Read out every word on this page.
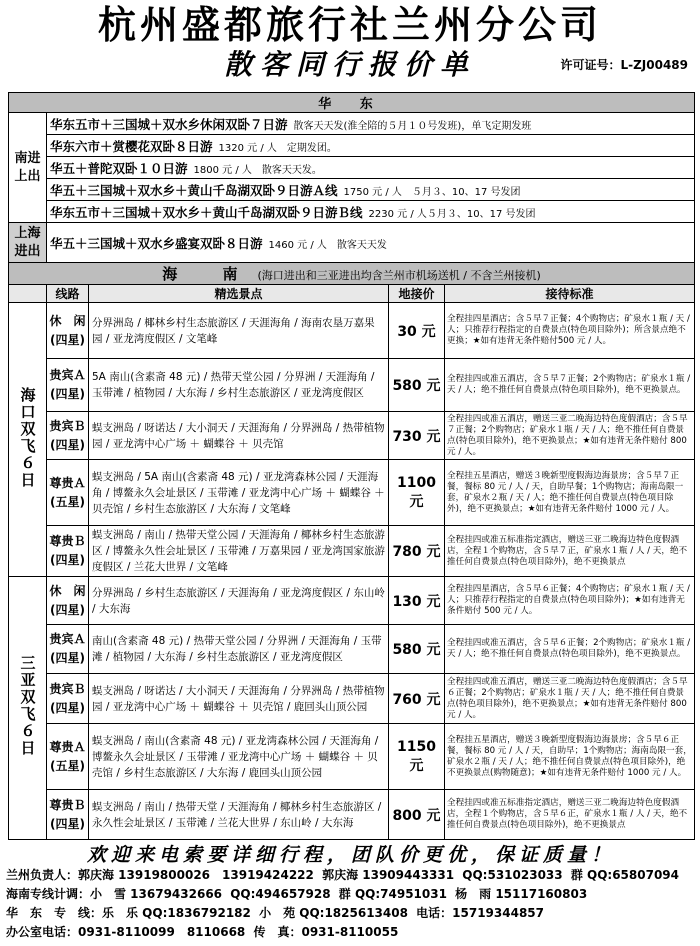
杭州盛都旅行社兰州分公司
散客同行报价单	许可证号：L-ZJ00489
华 东				
南进上出	华东五市＋三国城＋双水乡休闲双卧７日游 散客天天发(淮全陪的５月１０号发班)，单飞定期发班			
	华东六市＋赏樱花双卧８日游 1320 元 / 人　定期发团。			
	华五＋普陀双卧１０日游 1800 元 / 人　散客天天发。			
	华五＋三国城＋双水乡＋黄山千岛湖双卧９日游Ａ线 1750 元 / 人　５月３、10、17 号发团			
	华东五市＋三国城＋双水乡＋黄山千岛湖双卧９日游Ｂ线 2230 元 / 人５月３、10、17 号发团			
上海进出	华五＋三国城＋双水乡盛宴双卧８日游 1460 元 / 人　散客天天发			
海 南(海口进出和三亚进出均含兰州市机场送机 / 不含兰州接机)				
	线路	精选景点	地接价	接待标准
海口双飞６日	休　闲
(四星)	分界洲岛 / 椰林乡村生态旅游区 / 天涯海角 / 海南农垦万嘉果园 / 亚龙湾度假区 / 文笔峰	30 元	全程挂四星酒店；含５早７正餐；4个购物店；矿泉水１瓶 / 天 / 人；只推荐行程指定的自费景点(特色项目除外)；所含景点绝不更换；★如有违背无条件赔付500 元 / 人。
	贵宾Ａ
(四星)	5A 南山(含素斋 48 元) / 热带天堂公园 / 分界洲 / 天涯海角 / 玉带滩 / 植物园 / 大东海 / 乡村生态旅游区 / 亚龙湾度假区	580 元	全程挂四或准五酒店，含５早７正餐；2个购物店；矿泉水１瓶 / 天 / 人；绝不推任何自费景点(特色项目除外)，绝不更换景点。
	贵宾Ｂ
(四星)	蜈支洲岛 / 呀诺达 / 大小洞天 / 天涯海角 / 分界洲岛 / 热带植物园 / 亚龙湾中心广场 ＋ 蝴蝶谷 ＋ 贝壳馆	730 元	全程挂四或准五酒店，赠送三亚二晚海边特色度假酒店；含５早７正餐；2个购物店；矿泉水１瓶 / 天 / 人；绝不推任何自费景点(特色项目除外)，绝不更换景点；★如有违背无条件赔付 800 元 / 人。
	尊贵Ａ
(五星)	蜈支洲岛 / 5A 南山(含素斋 48 元) / 亚龙湾森林公园 / 天涯海角 / 博鳌永久会址景区 / 玉带滩 / 亚龙湾中心广场 ＋ 蝴蝶谷 ＋ 贝壳馆 / 乡村生态旅游区 / 大东海 / 文笔峰	1100 元	全程挂五星酒店，赠送３晚新型度假海边海景房；含５早７正餐，餐标 80 元 / 人 / 天，自助早餐；1个购物店；海南岛限一套，矿泉水２瓶 / 天 / 人；绝不推任何自费景点(特色项目除外)，绝不更换景点；★如有违背无条件赔付 1000 元 / 人。
	尊贵Ｂ
(四星)	蜈支洲岛 / 南山 / 热带天堂公园 / 天涯海角 / 椰林乡村生态旅游区 / 博鳌永久性会址景区 / 玉带滩 / 万嘉果园 / 亚龙湾国家旅游度假区 / 兰花大世界 / 文笔峰	780 元	全程挂四或准五标准指定酒店，赠送三亚二晚海边特色度假酒店，全程１个购物店，含５早７正，矿泉水１瓶 / 人 / 天，绝不推任何自费景点(特色项目除外)，绝不更换景点
三亚双飞６日	休　闲
(四星)	分界洲岛 / 乡村生态旅游区 / 天涯海角 / 亚龙湾度假区 / 东山岭 / 大东海	130 元	全程挂四星酒店，含５早６正餐；4个购物店；矿泉水１瓶 / 天 / 人；只推荐行程指定的自费景点(特色项目除外)；★如有违背无条件赔付 500 元 / 人。
	贵宾Ａ
(四星)	南山(含素斋 48 元) / 热带天堂公园 / 分界洲 / 天涯海角 / 玉带滩 / 植物园 / 大东海 / 乡村生态旅游区 / 亚龙湾度假区	580 元	全程挂四或准五酒店，含５早６正餐；2个购物店；矿泉水１瓶 / 天 / 人；绝不推任何自费景点(特色项目除外)，绝不更换景点。
	贵宾Ｂ
(四星)	蜈支洲岛 / 呀诺达 / 大小洞天 / 天涯海角 / 分界洲岛 / 热带植物园 / 亚龙湾中心广场 ＋ 蝴蝶谷 ＋ 贝壳馆 / 鹿回头山顶公园	760 元	全程挂四或准五酒店，赠送三亚二晚海边特色度假酒店；含５早６正餐；2个购物店；矿泉水１瓶 / 天 / 人；绝不推任何自费景点(特色项目除外)，绝不更换景点；★如有违背无条件赔付 800 元 / 人。
	尊贵Ａ
(五星)	蜈支洲岛 / 南山(含素斋 48 元) / 亚龙湾森林公园 / 天涯海角 / 博鳌永久会址景区 / 玉带滩 / 亚龙湾中心广场 ＋ 蝴蝶谷 ＋ 贝壳馆 / 乡村生态旅游区 / 大东海 / 鹿回头山顶公园	1150 元	全程挂五星酒店，赠送３晚新型度假海边海景房；含５早６正餐，餐标 80 元 / 人 / 天，自助早；1个购物店；海南岛限一套，矿泉水２瓶 / 天 / 人；绝不推任何自费景点(特色项目除外)，绝不更换景点(购物随意)；★如有违背无条件赔付 1000 元 / 人。
	尊贵Ｂ
(四星)	蜈支洲岛 / 南山 / 热带天堂 / 天涯海角 / 椰林乡村生态旅游区 / 永久性会址景区 / 玉带滩 / 兰花大世界 / 东山岭 / 大东海	800 元	全程挂四或准五标准指定酒店，赠送三亚二晚海边特色度假酒店，全程１个购物店，含５早６正，矿泉水１瓶 / 人 / 天，绝不推任何自费景点(特色项目除外)，绝不更换景点
欢迎来电索要详细行程，团队价更优，保证质量！
兰州负责人：郭庆海 13919800026　13919424222 郭庆海 13909443331 QQ:531023033 群 QQ:65807094
海南专线计调：小　雪 13679432666 QQ:494657928 群 QQ:74951031 杨　雨 15117160803
华　东　专　线：乐　乐 QQ:1836792182 小　苑 QQ:1825613408 电话：15719344857
办公室电话：0931-8110099　8110668 传　真：0931-8110055
